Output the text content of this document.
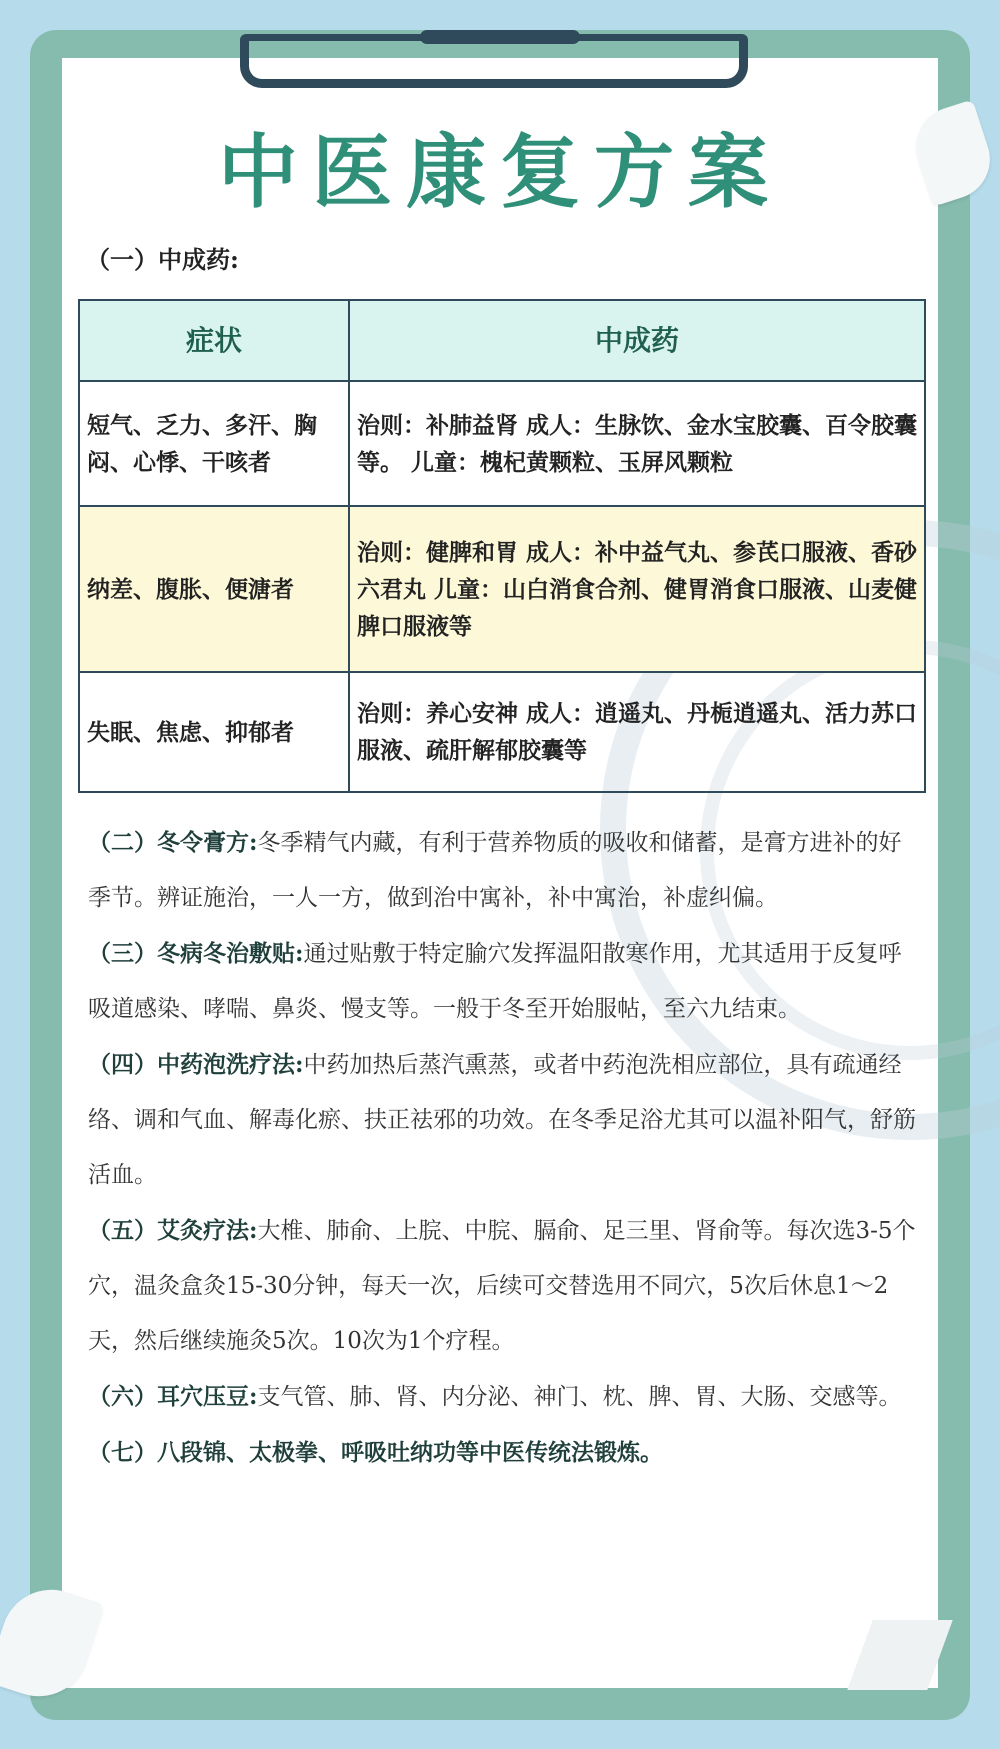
中医康复方案
（一）中成药:
症状	中成药
短气、乏力、多汗、胸闷、心悸、干咳者	治则：补肺益肾 成人：生脉饮、金水宝胶囊、百令胶囊等。 儿童：槐杞黄颗粒、玉屏风颗粒
纳差、腹胀、便溏者	治则：健脾和胃 成人：补中益气丸、参芪口服液、香砂六君丸 儿童：山白消食合剂、健胃消食口服液、山麦健脾口服液等
失眠、焦虑、抑郁者	治则：养心安神 成人：逍遥丸、丹栀逍遥丸、活力苏口服液、疏肝解郁胶囊等

（二）冬令膏方:冬季精气内藏，有利于营养物质的吸收和储蓄，是膏方进补的好季节。辨证施治，一人一方，做到治中寓补，补中寓治，补虚纠偏。

（三）冬病冬治敷贴:通过贴敷于特定腧穴发挥温阳散寒作用，尤其适用于反复呼吸道感染、哮喘、鼻炎、慢支等。一般于冬至开始服帖，至六九结束。

（四）中药泡洗疗法:中药加热后蒸汽熏蒸，或者中药泡洗相应部位，具有疏通经络、调和气血、解毒化瘀、扶正祛邪的功效。在冬季足浴尤其可以温补阳气，舒筋活血。

（五）艾灸疗法:大椎、肺俞、上脘、中脘、膈俞、足三里、肾俞等。每次选3-5个穴，温灸盒灸15-30分钟，每天一次，后续可交替选用不同穴，5次后休息1～2天，然后继续施灸5次。10次为1个疗程。

（六）耳穴压豆:支气管、肺、肾、内分泌、神门、枕、脾、胃、大肠、交感等。

（七）八段锦、太极拳、呼吸吐纳功等中医传统法锻炼。
